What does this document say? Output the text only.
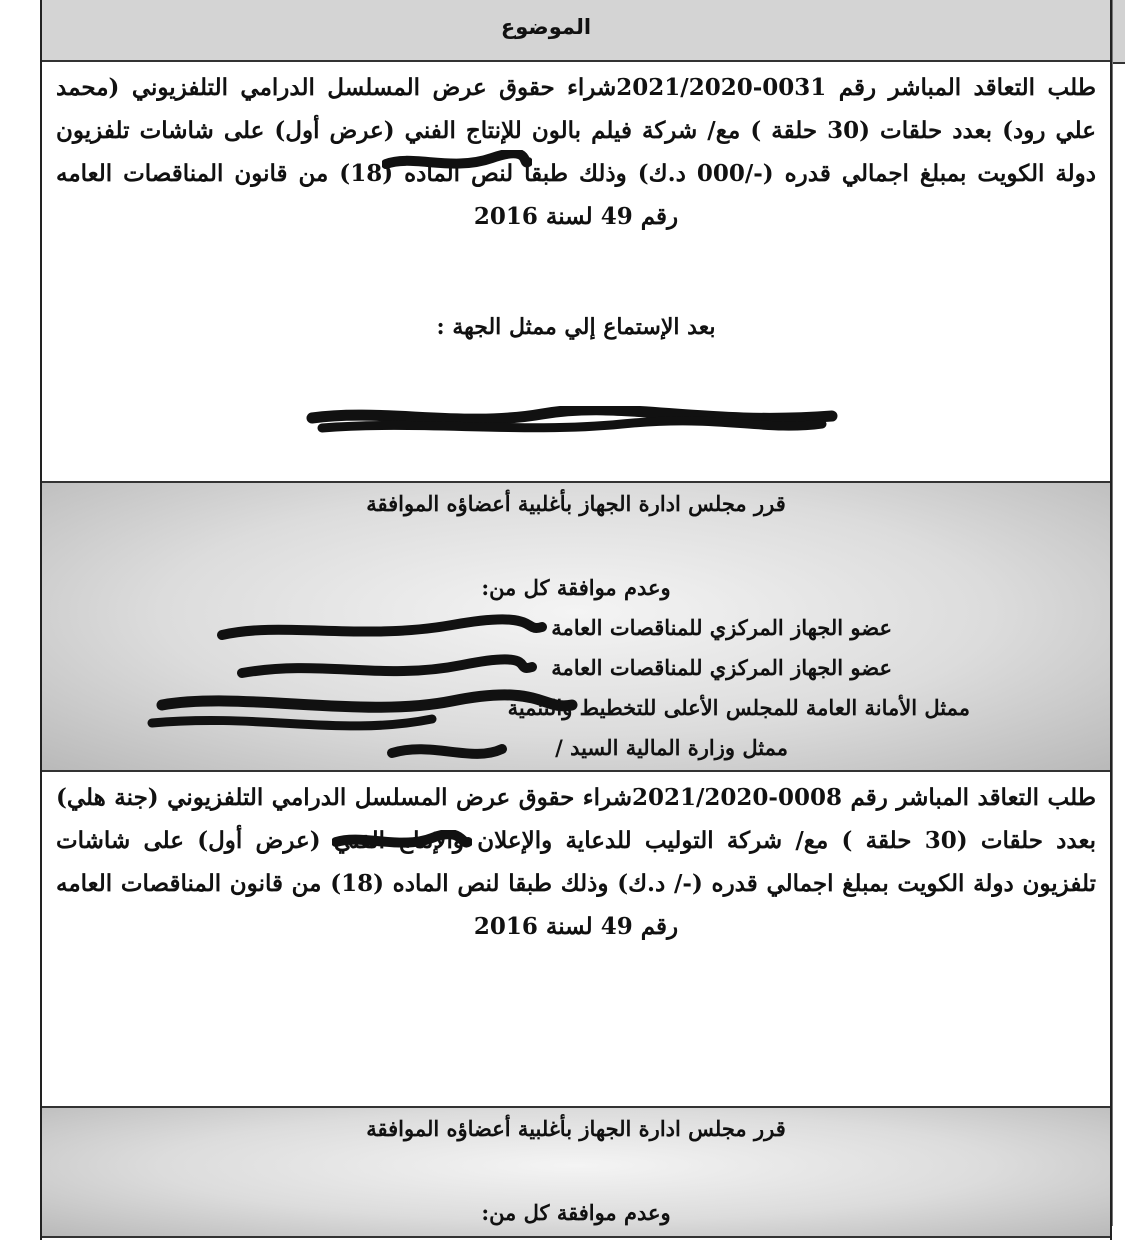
الموضوع

طلب التعاقد المباشر رقم 0031-2021/2020شراء حقوق عرض المسلسل الدرامي التلفزيوني (محمد علي رود) بعدد حلقات (30 حلقة ) مع/ شركة فيلم بالون للإنتاج الفني (عرض أول) على شاشات تلفزيون دولة الكويت بمبلغ اجمالي قدره (-/000 د.ك) وذلك طبقا لنص الماده (18) من قانون المناقصات العامه رقم 49 لسنة 2016

بعد الإستماع إلي ممثل الجهة :
قرر مجلس ادارة الجهاز بأغلبية أعضاؤه الموافقة
وعدم موافقة كل من:
عضو الجهاز المركزي للمناقصات العامة
عضو الجهاز المركزي للمناقصات العامة
ممثل الأمانة العامة للمجلس الأعلى للتخطيط والتنمية
ممثل وزارة المالية السيد /

طلب التعاقد المباشر رقم 0008-2021/2020شراء حقوق عرض المسلسل الدرامي التلفزيوني (جنة هلي) بعدد حلقات (30 حلقة ) مع/ شركة التوليب للدعاية والإعلان والإنتاج الفني (عرض أول) على شاشات تلفزيون دولة الكويت بمبلغ اجمالي قدره (-/ د.ك) وذلك طبقا لنص الماده (18) من قانون المناقصات العامه رقم 49 لسنة 2016

قرر مجلس ادارة الجهاز بأغلبية أعضاؤه الموافقة
وعدم موافقة كل من:
